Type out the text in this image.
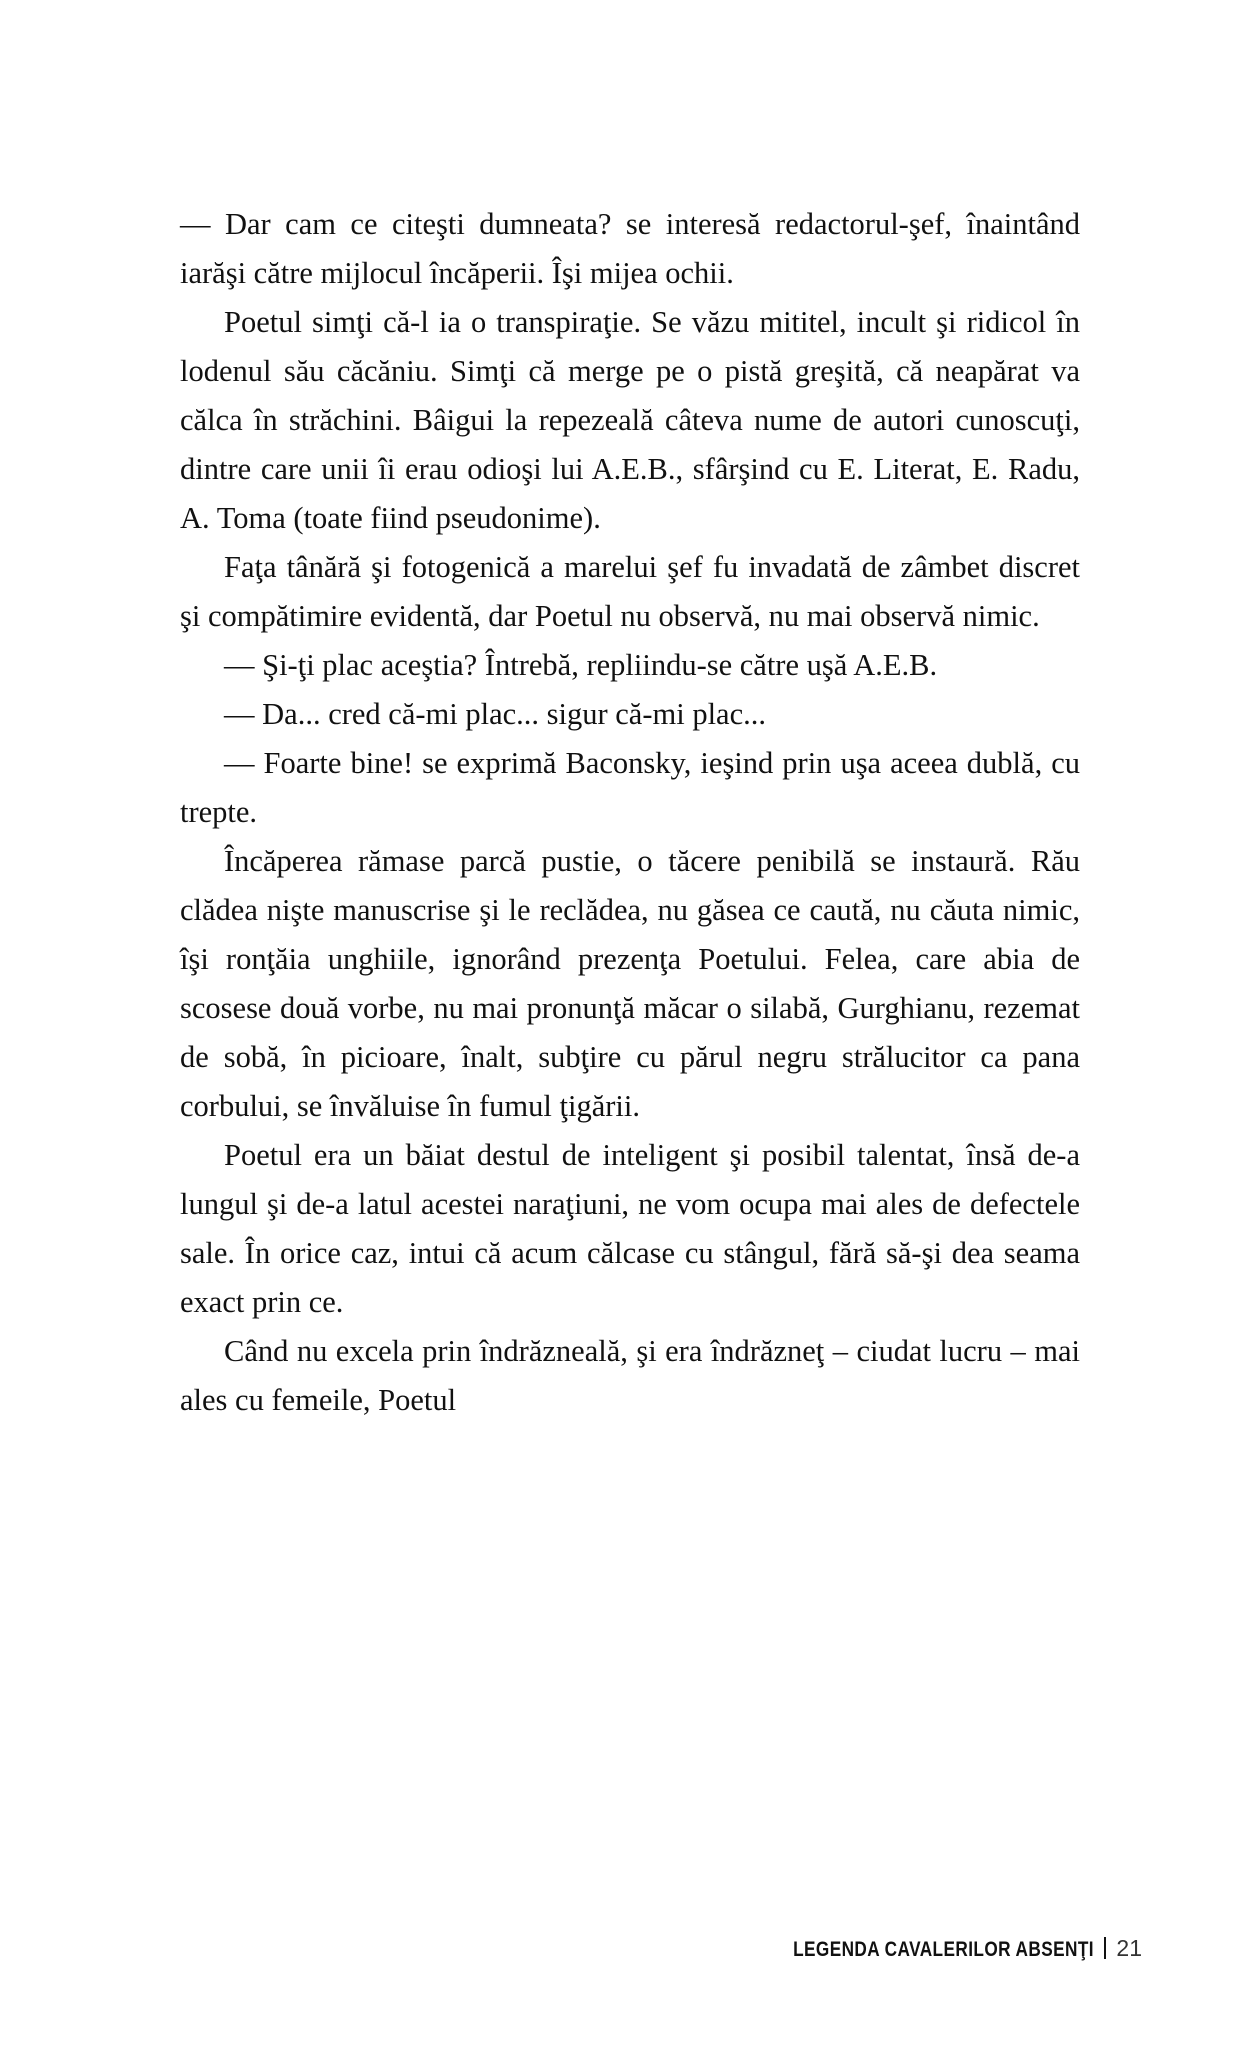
— Dar cam ce citeşti dumneata? se interesă redactorul-şef, înaintând iarăşi către mijlocul încăperii. Îşi mijea ochii.

Poetul simţi că-l ia o transpiraţie. Se văzu mititel, incult şi ridicol în lodenul său căcăniu. Simţi că merge pe o pistă greşită, că neapărat va călca în străchini. Bâigui la repezeală câteva nume de autori cunoscuţi, dintre care unii îi erau odioşi lui A.E.B., sfârşind cu E. Literat, E. Radu, A. Toma (toate fiind pseudonime).

Faţa tânără şi fotogenică a marelui şef fu invadată de zâmbet discret şi compătimire evidentă, dar Poetul nu observă, nu mai observă nimic.

— Şi-ţi plac aceştia? Întrebă, repliindu-se către uşă A.E.B.

— Da... cred că-mi plac... sigur că-mi plac...

— Foarte bine! se exprimă Baconsky, ieşind prin uşa aceea dublă, cu trepte.

Încăperea rămase parcă pustie, o tăcere penibilă se instaură. Rău clădea nişte manuscrise şi le reclădea, nu găsea ce caută, nu căuta nimic, îşi ronţăia unghiile, ignorând prezenţa Poetului. Felea, care abia de scosese două vorbe, nu mai pronunţă măcar o silabă, Gurghianu, rezemat de sobă, în picioare, înalt, subţire cu părul negru strălucitor ca pana corbului, se învăluise în fumul ţigării.

Poetul era un băiat destul de inteligent şi posibil talentat, însă de-a lungul şi de-a latul acestei naraţiuni, ne vom ocupa mai ales de defectele sale. În orice caz, intui că acum călcase cu stângul, fără să-şi dea seama exact prin ce.

Când nu excela prin îndrăzneală, şi era îndrăzneţ – ciudat lucru – mai ales cu femeile, Poetul

LEGENDA CAVALERILOR ABSENŢI 21
